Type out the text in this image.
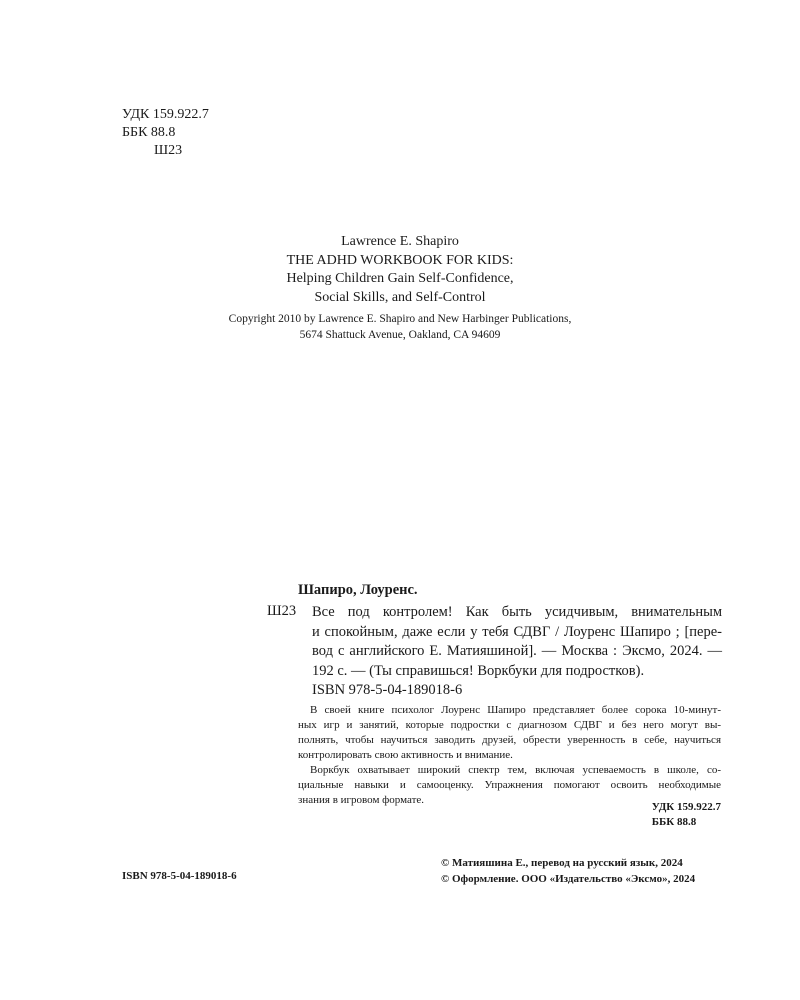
УДК 159.922.7
ББК 88.8
Ш23
Lawrence E. Shapiro
THE ADHD WORKBOOK FOR KIDS:
Helping Children Gain Self-Confidence,
Social Skills, and Self-Control
Copyright 2010 by Lawrence E. Shapiro and New Harbinger Publications,
5674 Shattuck Avenue, Oakland, CA 94609
Шапиро, Лоуренс.
Ш23 Все под контролем! Как быть усидчивым, внимательным
и спокойным, даже если у тебя СДВГ / Лоуренс Шапиро ; [пере-
вод с английского Е. Матияшиной]. — Москва : Эксмо, 2024. —
192 с. — (Ты справишься! Воркбуки для подростков).
ISBN 978-5-04-189018-6
В своей книге психолог Лоуренс Шапиро представляет более сорока 10-минут-
ных игр и занятий, которые подростки с диагнозом СДВГ и без него могут вы-
полнять, чтобы научиться заводить друзей, обрести уверенность в себе, научиться
контролировать свою активность и внимание.
Воркбук охватывает широкий спектр тем, включая успеваемость в школе, со-
циальные навыки и самооценку. Упражнения помогают освоить необходимые
знания в игровом формате.
УДК 159.922.7
ББК 88.8
ISBN 978-5-04-189018-6
© Матияшина Е., перевод на русский язык, 2024
© Оформление. ООО «Издательство «Эксмо», 2024
